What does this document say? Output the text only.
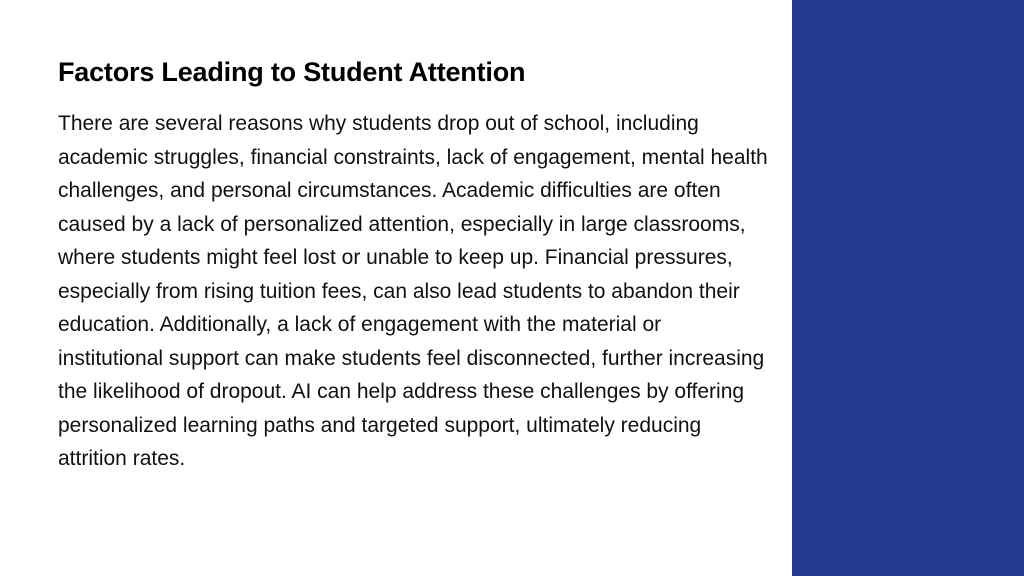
Factors Leading to Student Attention

There are several reasons why students drop out of school, including academic struggles, financial constraints, lack of engagement, mental health challenges, and personal circumstances. Academic difficulties are often caused by a lack of personalized attention, especially in large classrooms, where students might feel lost or unable to keep up. Financial pressures, especially from rising tuition fees, can also lead students to abandon their education. Additionally, a lack of engagement with the material or institutional support can make students feel disconnected, further increasing the likelihood of dropout. AI can help address these challenges by offering personalized learning paths and targeted support, ultimately reducing attrition rates.
